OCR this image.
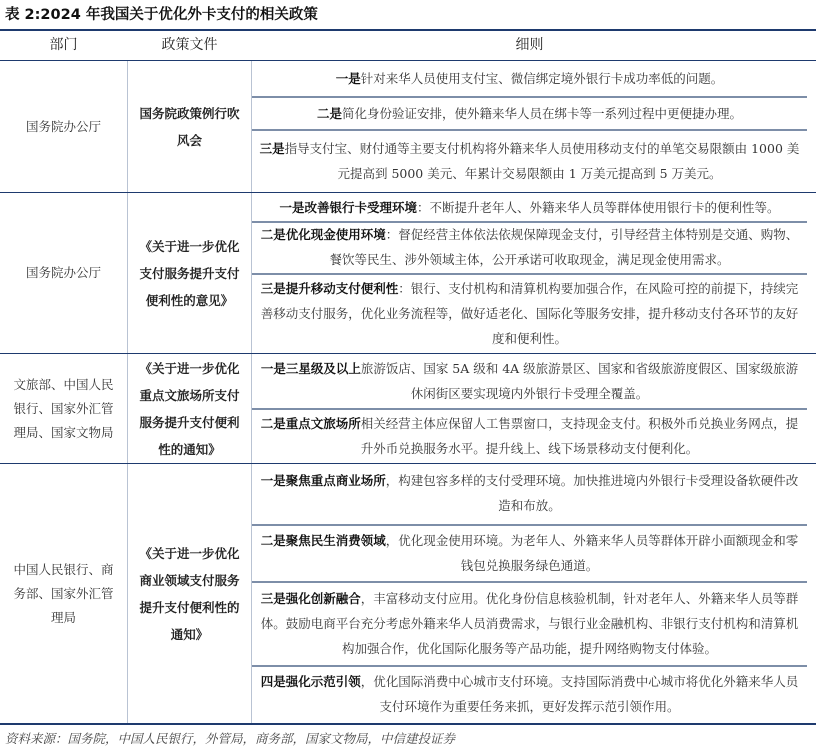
表 2:2024 年我国关于优化外卡支付的相关政策
部门	政策文件	细则
国务院办公厅
国务院政策例行吹风会
一是针对来华人员使用支付宝、微信绑定境外银行卡成功率低的问题。
二是简化身份验证安排，使外籍来华人员在绑卡等一系列过程中更便捷办理。
三是指导支付宝、财付通等主要支付机构将外籍来华人员使用移动支付的单笔交易限额由 1000 美元提高到 5000 美元、年累计交易限额由 1 万美元提高到 5 万美元。
国务院办公厅
《关于进一步优化支付服务提升支付便利性的意见》
一是改善银行卡受理环境：不断提升老年人、外籍来华人员等群体使用银行卡的便利性等。
二是优化现金使用环境：督促经营主体依法依规保障现金支付，引导经营主体特别是交通、购物、餐饮等民生、涉外领域主体，公开承诺可收取现金，满足现金使用需求。
三是提升移动支付便利性：银行、支付机构和清算机构要加强合作，在风险可控的前提下，持续完善移动支付服务，优化业务流程等，做好适老化、国际化等服务安排，提升移动支付各环节的友好度和便利性。
文旅部、中国人民银行、国家外汇管理局、国家文物局
《关于进一步优化重点文旅场所支付服务提升支付便利性的通知》
一是三星级及以上旅游饭店、国家 5A 级和 4A 级旅游景区、国家和省级旅游度假区、国家级旅游休闲街区要实现境内外银行卡受理全覆盖。
二是重点文旅场所相关经营主体应保留人工售票窗口，支持现金支付。积极外币兑换业务网点，提升外币兑换服务水平。提升线上、线下场景移动支付便利化。
中国人民银行、商务部、国家外汇管理局
《关于进一步优化商业领域支付服务提升支付便利性的通知》
一是聚焦重点商业场所，构建包容多样的支付受理环境。加快推进境内外银行卡受理设备软硬件改造和布放。
二是聚焦民生消费领域，优化现金使用环境。为老年人、外籍来华人员等群体开辟小面额现金和零钱包兑换服务绿色通道。
三是强化创新融合，丰富移动支付应用。优化身份信息核验机制，针对老年人、外籍来华人员等群体。鼓励电商平台充分考虑外籍来华人员消费需求，与银行业金融机构、非银行支付机构和清算机构加强合作，优化国际化服务等产品功能，提升网络购物支付体验。
四是强化示范引领，优化国际消费中心城市支付环境。支持国际消费中心城市将优化外籍来华人员支付环境作为重要任务来抓，更好发挥示范引领作用。
资料来源：国务院，中国人民银行，外管局，商务部，国家文物局，中信建投证券
